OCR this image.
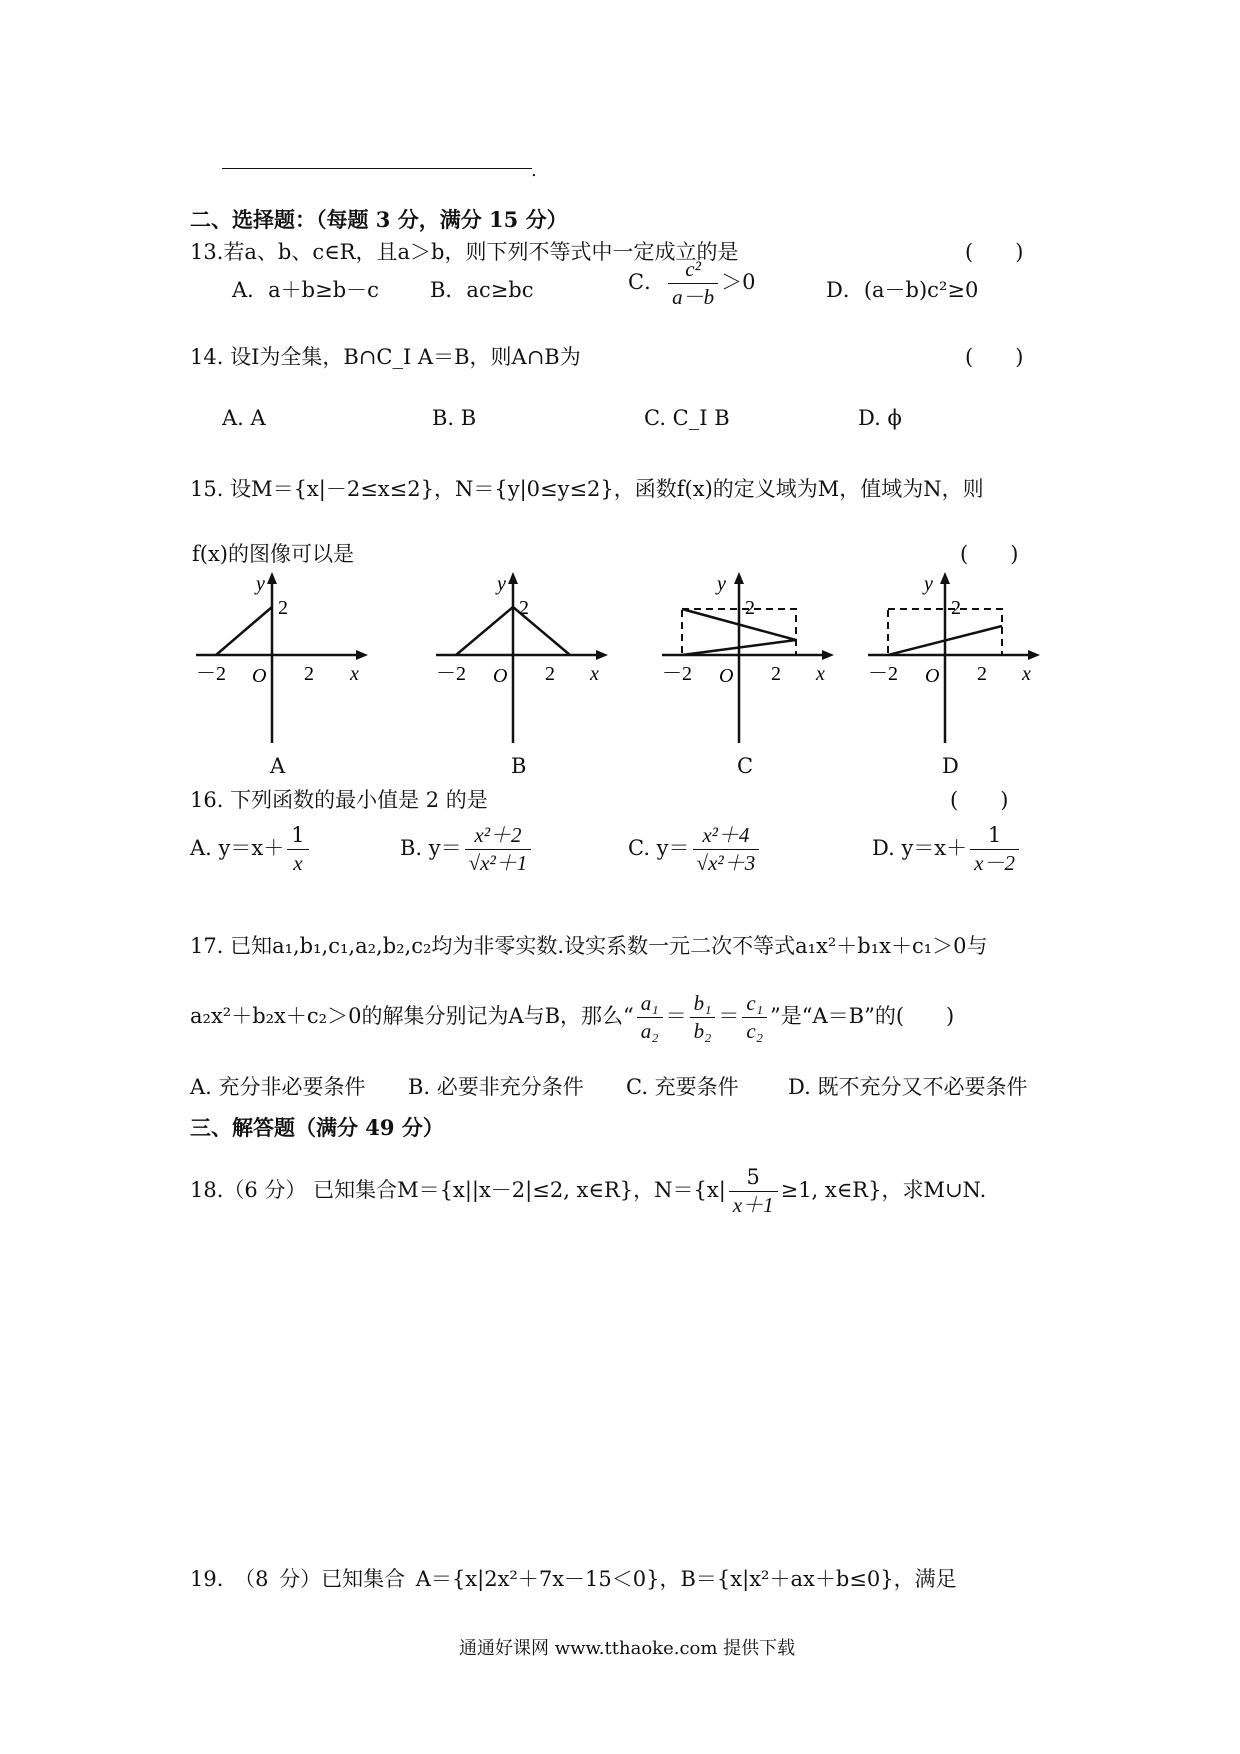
.
二、选择题：（每题 3 分，满分 15 分）
13.若a、b、c∈R，且a＞b，则下列不等式中一定成立的是	(　　)
A．a＋b≥b－c B．ac≥bc	C． $\frac{\text{c²}}{a-b} >0$	D．(a－b)c²≥0
14. 设I为全集，B∩C_I A＝B，则A∩B为	(　　)
A. A	B. B	C. C_I B	D. ϕ
15. 设M＝{x|－2≤x≤2}，N＝{y|0≤y≤2}，函数f(x)的定义域为M，值域为N，则
f(x)的图像可以是	(　　)
y
2
－2 O 2 x
A
y
2
－2 O 2 x
B
y
2
－2 O 2 x
C
y
2
－2 O 2 x
D
16. 下列函数的最小值是 2 的是	(　　)
A. $y=x+ \frac{1}{x}$	B. $y= \frac{\text{x²＋2}}{\text{√x²＋1}}$	C. $y= \frac{\text{x²＋4}}{\text{√x²＋3}}$	D. $y=x+ \frac{1}{x-2}$
17. 已知a₁,b₁,c₁,a₂,b₂,c₂均为非零实数.设实系数一元二次不等式a₁x²＋b₁x＋c₁＞0与
a₂x²＋b₂x＋c₂＞0的解集分别记为A与B，那么“ $\frac{\text{a₁}}{\text{a₂}} = \frac{\text{b₁}}{\text{b₂}} = \frac{\text{c₁}}{\text{c₂}}$ ”是“A＝B”的(　　)
A. 充分非必要条件 B. 必要非充分条件 C. 充要条件 D. 既不充分又不必要条件
三、解答题（满分 49 分）
18.（6 分） 已知集合M＝{x||x－2|≤2, x∈R}，$N=\{x| \frac{5}{x+1} \ge 1$, x∈R}，求M∪N.
19. （8 分）已知集合 A＝{x|2x²＋7x－15＜0}，B＝{x|x²＋ax＋b≤0}，满足
通通好课网 www.tthaoke.com 提供下载
